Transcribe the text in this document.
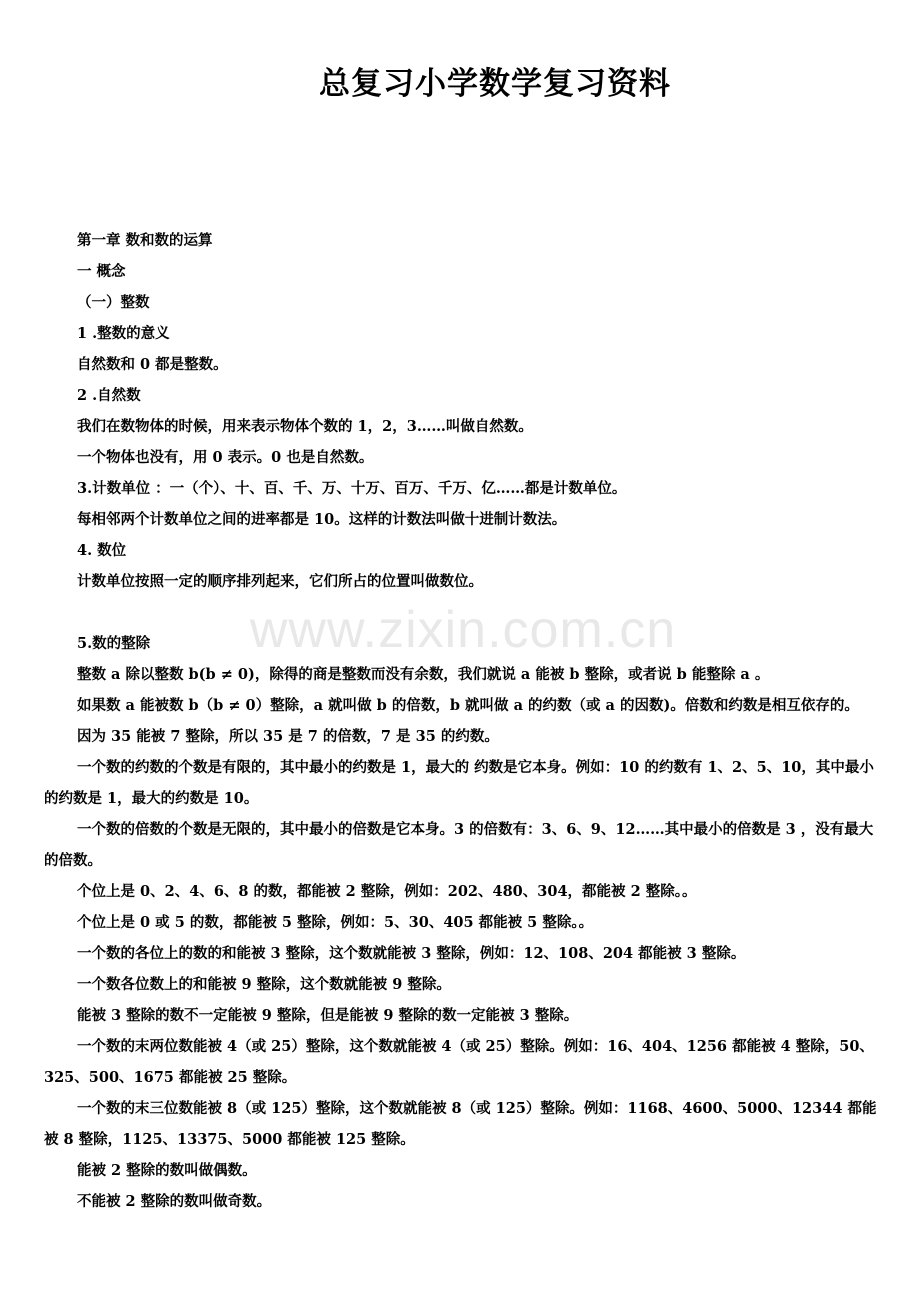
总复习小学数学复习资料
www.zixin.com.cn

第一章 数和数的运算

一 概念

（一）整数

1 .整数的意义

自然数和 0 都是整数。

2 .自然数

我们在数物体的时候，用来表示物体个数的 1，2，3……叫做自然数。

一个物体也没有，用 0 表示。0 也是自然数。

3.计数单位 ：一（个）、十、百、千、万、十万、百万、千万、亿……都是计数单位。

每相邻两个计数单位之间的进率都是 10。这样的计数法叫做十进制计数法。

4. 数位

计数单位按照一定的顺序排列起来，它们所占的位置叫做数位。

5.数的整除

整数 a 除以整数 b(b ≠ 0)，除得的商是整数而没有余数，我们就说 a 能被 b 整除，或者说 b 能整除 a 。

如果数 a 能被数 b（b ≠ 0）整除，a 就叫做 b 的倍数，b 就叫做 a 的约数（或 a 的因数)。倍数和约数是相互依存的。

因为 35 能被 7 整除，所以 35 是 7 的倍数，7 是 35 的约数。

一个数的约数的个数是有限的，其中最小的约数是 1，最大的 约数是它本身。例如：10 的约数有 1、2、5、10，其中最小的约数是 1，最大的约数是 10。

一个数的倍数的个数是无限的，其中最小的倍数是它本身。3 的倍数有：3、6、9、12……其中最小的倍数是 3 ，没有最大的倍数。

个位上是 0、2、4、6、8 的数，都能被 2 整除，例如：202、480、304，都能被 2 整除。。

个位上是 0 或 5 的数，都能被 5 整除，例如：5、30、405 都能被 5 整除。。

一个数的各位上的数的和能被 3 整除，这个数就能被 3 整除，例如：12、108、204 都能被 3 整除。

一个数各位数上的和能被 9 整除，这个数就能被 9 整除。

能被 3 整除的数不一定能被 9 整除，但是能被 9 整除的数一定能被 3 整除。

一个数的末两位数能被 4（或 25）整除，这个数就能被 4（或 25）整除。例如：16、404、1256 都能被 4 整除，50、325、500、1675 都能被 25 整除。

一个数的末三位数能被 8（或 125）整除，这个数就能被 8（或 125）整除。例如：1168、4600、5000、12344 都能被 8 整除，1125、13375、5000 都能被 125 整除。

能被 2 整除的数叫做偶数。

不能被 2 整除的数叫做奇数。
